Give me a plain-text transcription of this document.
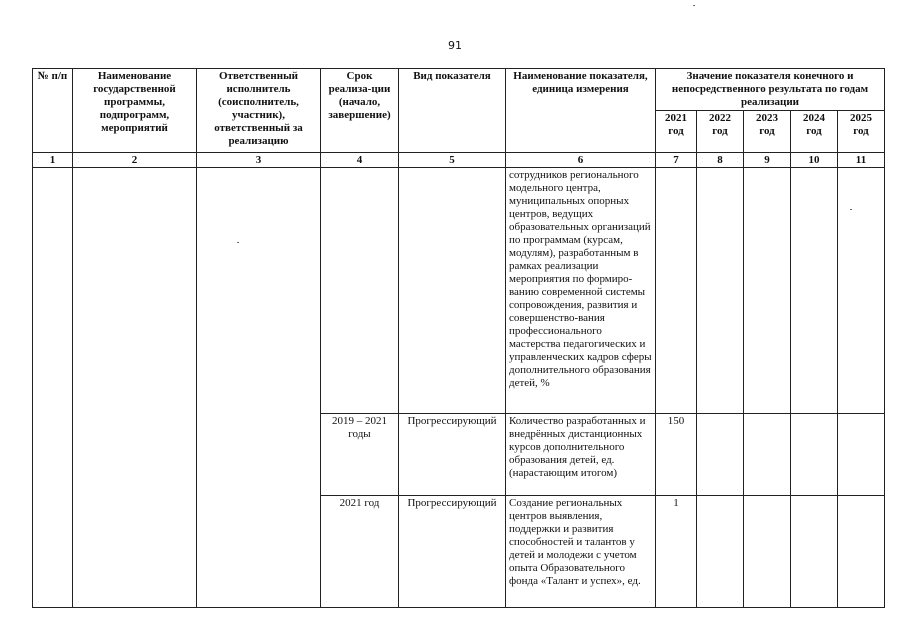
91
№ п/п	Наименование государственной программы, подпрограмм, мероприятий	Ответственный исполнитель (соисполнитель, участник), ответственный за реализацию	Срок реализа-ции (начало, завершение)	Вид показателя	Наименование показателя, единица измерения	Значение показателя конечного и непосредственного результата по годам реализации				
						2021 год	2022 год	2023 год	2024 год	2025 год
1	2	3	4	5	6	7	8	9	10	11
					сотрудников регионального модельного центра, муниципальных опорных центров, ведущих образовательных организаций по программам (курсам, модулям), разработанным в рамках реализации мероприятия по формиро-ванию современной системы сопровождения, развития и совершенство-вания профессионального мастерства педагогических и управленческих кадров сферы дополнительного образования детей, %					
			2019 – 2021 годы	Прогрессирующий	Количество разработанных и внедрённых дистанционных курсов дополнительного образования детей, ед. (нарастающим итогом)	150				
			2021 год	Прогрессирующий	Создание региональных центров выявления, поддержки и развития способностей и талантов у детей и молодежи с учетом опыта Образовательного фонда «Талант и успех», ед.	1				
